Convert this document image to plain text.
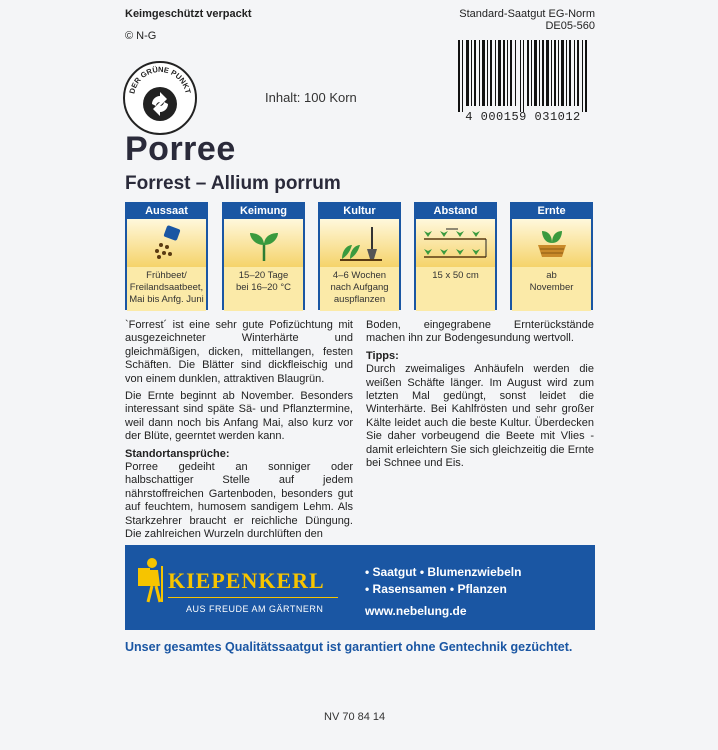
Keimgeschützt verpackt
© N-G
Standard-Saatgut EG-Norm
DE05-560
DER GRÜNE PUNKT	Inhalt: 100 Korn
4 000159 031012
Porree
Forrest – Allium porrum
Aussaat
Frühbeet/
Freilandsaatbeet,
Mai bis Anfg. Juni
Keimung
15–20 Tage
bei 16–20 °C
Kultur
4–6 Wochen
nach Aufgang
auspflanzen
Abstand
15 x 50 cm
Ernte
ab
November

`Forrest´ ist eine sehr gute Pofizüchtung mit ausgezeichneter Winterhärte und gleichmäßigen, dicken, mittellangen, festen Schäften. Die Blätter sind dickfleischig und von einem dunklen, attraktiven Blaugrün.

Die Ernte beginnt ab November. Besonders interessant sind späte Sä- und Pflanztermine, weil dann noch bis Anfang Mai, also kurz vor der Blüte, geerntet werden kann.

Standortansprüche:

Porree gedeiht an sonniger oder halbschattiger Stelle auf jedem nährstoffreichen Gartenboden, besonders gut auf feuchtem, humosem sandigem Lehm. Als Starkzehrer braucht er reichliche Düngung. Die zahlreichen Wurzeln durchlüften den

Boden, eingegrabene Ernterückstände machen ihn zur Bodengesundung wertvoll.

Tipps:

Durch zweimaliges Anhäufeln werden die weißen Schäfte länger. Im August wird zum letzten Mal gedüngt, sonst leidet die Winterhärte. Bei Kahlfrösten und sehr großer Kälte leidet auch die beste Kultur. Überdecken Sie daher vorbeugend die Beete mit Vlies - damit erleichtern Sie sich gleichzeitig die Ernte bei Schnee und Eis.

KIEPENKERL
AUS FREUDE AM GÄRTNERN
• Saatgut • Blumenzwiebeln
• Rasensamen • Pflanzen
www.nebelung.de
Unser gesamtes Qualitätssaatgut ist garantiert ohne Gentechnik gezüchtet.
NV 70 84 14
